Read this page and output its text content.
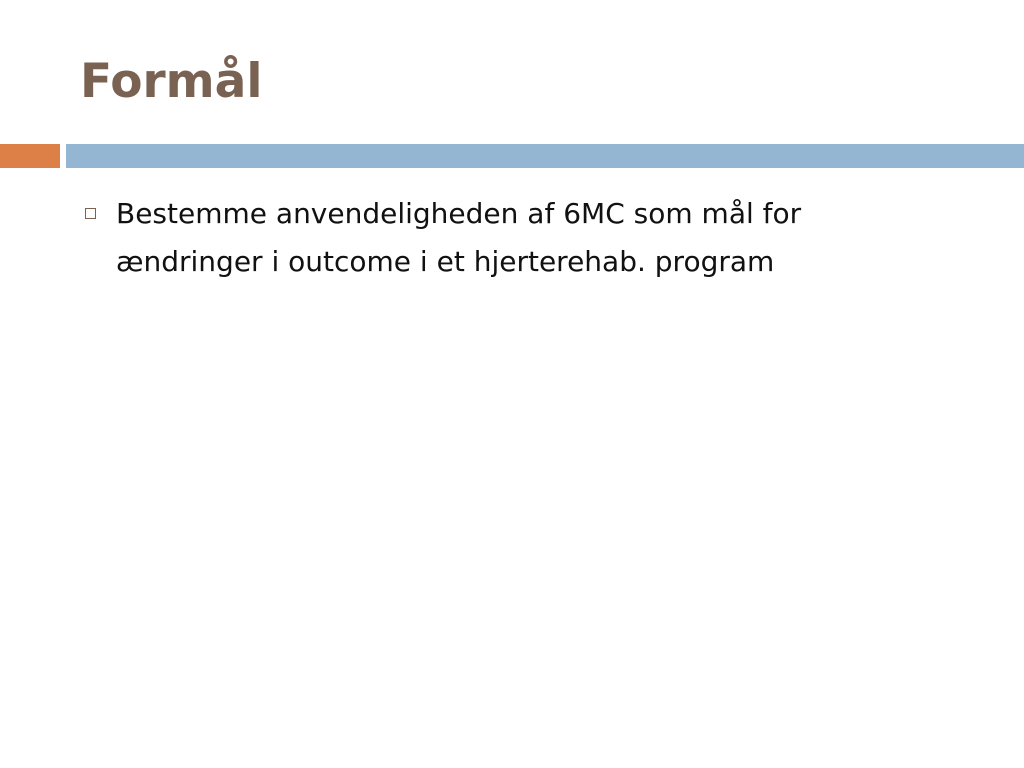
Formål
Bestemme anvendeligheden af 6MC som mål for ændringer i outcome i et hjerterehab. program
